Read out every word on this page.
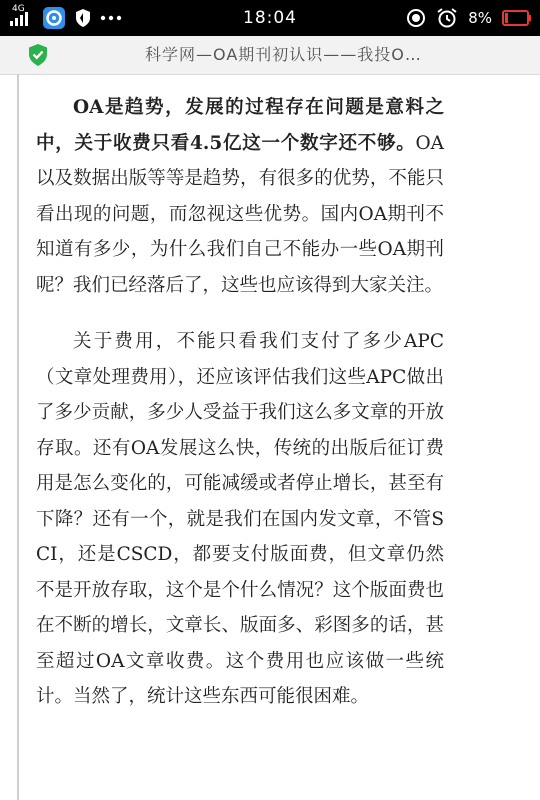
4G	18:04	8%
科学网—OA期刊初认识——我投O…

OA是趋势，发展的过程存在问题是意料之中，关于收费只看4.5亿这一个数字还不够。OA以及数据出版等等是趋势，有很多的优势，不能只看出现的问题，而忽视这些优势。国内OA期刊不知道有多少，为什么我们自己不能办一些OA期刊呢？我们已经落后了，这些也应该得到大家关注。

关于费用，不能只看我们支付了多少APC（文章处理费用），还应该评估我们这些APC做出了多少贡献，多少人受益于我们这么多文章的开放存取。还有OA发展这么快，传统的出版后征订费用是怎么变化的，可能减缓或者停止增长，甚至有下降？还有一个，就是我们在国内发文章，不管SCI，还是CSCD，都要支付版面费，但文章仍然不是开放存取，这个是个什么情况？这个版面费也在不断的增长，文章长、版面多、彩图多的话，甚至超过OA文章收费。这个费用也应该做一些统计。当然了，统计这些东西可能很困难。
